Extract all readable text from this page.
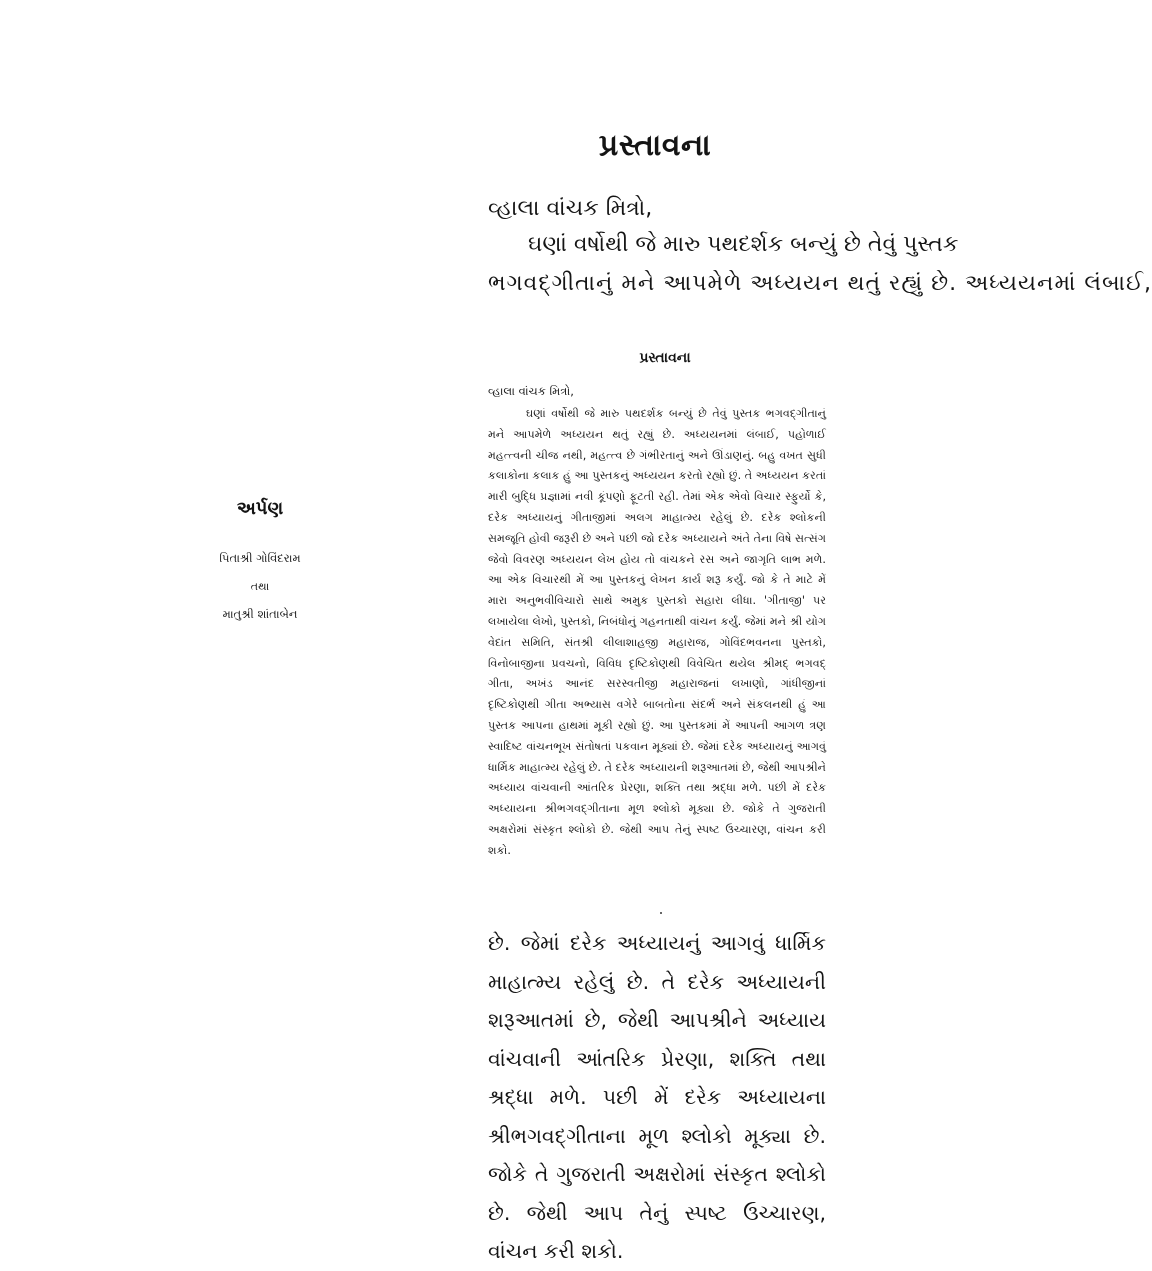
પ્રસ્તાવના
વ્હાલા વાંચક મિત્રો,
ઘણાં વર્ષોથી જે મારુ પથદર્શક બન્યું છે તેવું પુસ્તક
ભગવદ્ગીતાનું મને આપમેળે અધ્યયન થતું રહ્યું છે. અધ્યયનમાં લંબાઈ,
અર્પણ
પિતાશ્રી ગોવિંદરામ
તથા
માતુશ્રી શાંતાબેન
પ્રસ્તાવના
વ્હાલા વાંચક મિત્રો,
ઘણાં વર્ષોથી જે મારુ પથદર્શક બન્યું છે તેવું પુસ્તક ભગવદ્ગીતાનું મને આપમેળે અધ્યયન થતું રહ્યું છે. અધ્યયનમાં લંબાઈ, પહોળાઈ મહત્ત્વની ચીજ નથી, મહત્ત્વ છે ગંભીરતાનું અને ઊંડાણનું. બહુ વખત સુધી કલાકોના કલાક હું આ પુસ્તકનું અધ્યયન કરતો રહ્યો છું. તે અધ્યયન કરતાં મારી બુદ્ધિ પ્રજ્ઞામાં નવી કૂંપણો ફૂટતી રહી. તેમાં એક એવો વિચાર સ્ફુર્યો કે, દરેક અધ્યાયનું ગીતાજીમાં અલગ માહાત્મ્ય રહેલું છે. દરેક શ્લોકની સમજૂતિ હોવી જરૂરી છે અને પછી જો દરેક અધ્યાયને અંતે તેના વિષે સત્સંગ જેવો વિવરણ અધ્યયન લેખ હોય તો વાંચકને રસ અને જાગૃતિ લાભ મળે. આ એક વિચારથી મેં આ પુસ્તકનું લેખન કાર્ય શરૂ કર્યું. જો કે તે માટે મેં મારા અનુભવીવિચારો સાથે અમુક પુસ્તકો સહારા લીધા. 'ગીતાજી' પર લખાયેલા લેખો, પુસ્તકો, નિબંધોનું ગહનતાથી વાંચન કર્યું. જેમાં મને શ્રી યોગ વેદાંત સમિતિ, સંતશ્રી લીલાશાહજી મહારાજ, ગોવિંદભવનના પુસ્તકો, વિનોબાજીના પ્રવચનો, વિવિધ દૃષ્ટિકોણથી વિવેચિત થયેલ શ્રીમદ્ ભગવદ્ ગીતા, અખંડ આનંદ સરસ્વતીજી મહારાજનાં લખાણો, ગાંધીજીનાં દૃષ્ટિકોણથી ગીતા અભ્યાસ વગેરે બાબતોના સંદર્ભ અને સંકલનથી હું આ પુસ્તક આપના હાથમાં મૂકી રહ્યો છું. આ પુસ્તકમાં મેં આપની આગળ ત્રણ સ્વાદિષ્ટ વાંચનભૂખ સંતોષતાં પકવાન મૂક્યાં છે. જેમાં દરેક અધ્યાયનું આગવું ધાર્મિક માહાત્મ્ય રહેલું છે. તે દરેક અધ્યાયની શરૂઆતમાં છે, જેથી આપશ્રીને અધ્યાય વાંચવાની આંતરિક પ્રેરણા, શક્તિ તથા શ્રદ્ધા મળે. પછી મેં દરેક અધ્યાયના શ્રીભગવદ્ગીતાના મૂળ શ્લોકો મૂક્યા છે. જોકે તે ગુજરાતી અક્ષરોમાં સંસ્કૃત શ્લોકો છે. જેથી આપ તેનું સ્પષ્ટ ઉચ્ચારણ, વાંચન કરી શકો.
છે. જેમાં દરેક અધ્યાયનું આગવું ધાર્મિક માહાત્મ્ય રહેલું છે. તે દરેક અધ્યાયની શરૂઆતમાં છે, જેથી આપશ્રીને અધ્યાય વાંચવાની આંતરિક પ્રેરણા, શક્તિ તથા શ્રદ્ધા મળે. પછી મેં દરેક અધ્યાયના શ્રીભગવદ્ગીતાના મૂળ શ્લોકો મૂક્યા છે. જોકે તે ગુજરાતી અક્ષરોમાં સંસ્કૃત શ્લોકો છે. જેથી આપ તેનું સ્પષ્ટ ઉચ્ચારણ, વાંચન કરી શકો.
